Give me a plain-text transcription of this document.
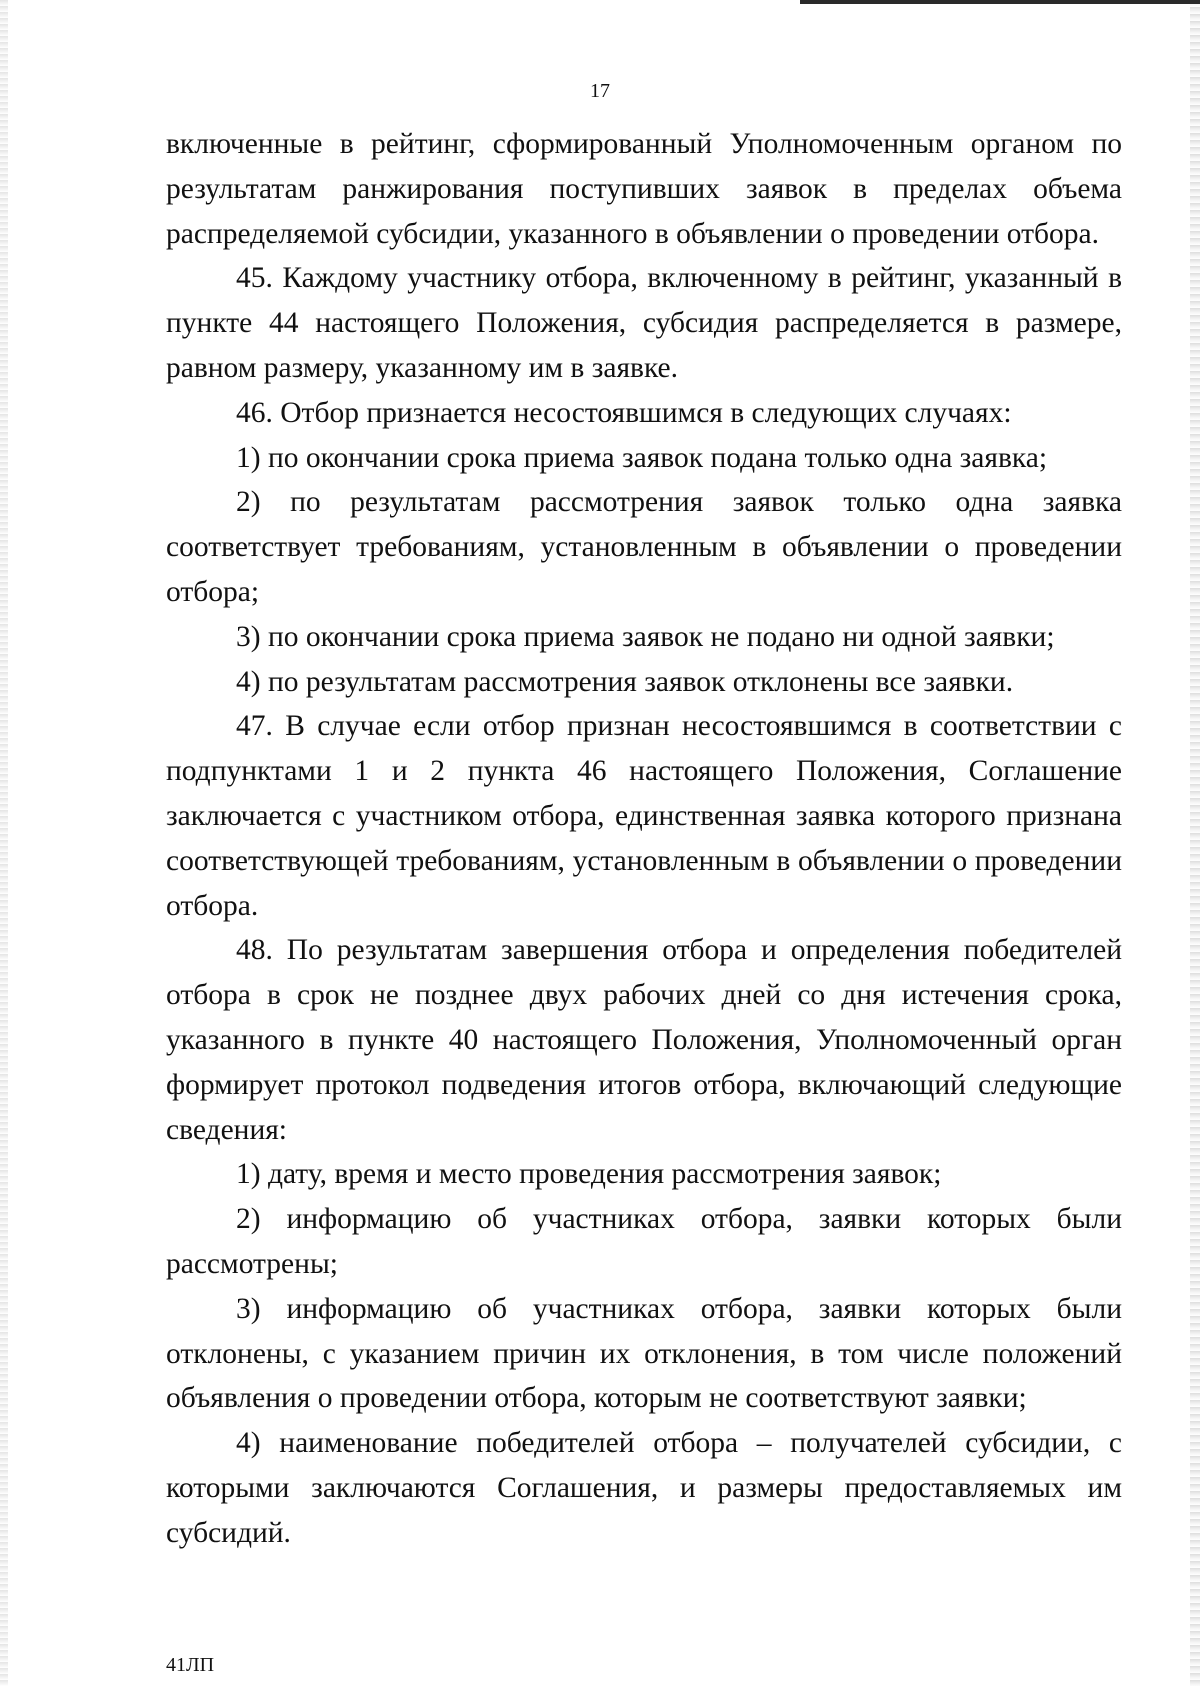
17

включенные в рейтинг, сформированный Уполномоченным органом по результатам ранжирования поступивших заявок в пределах объема распределяемой субсидии, указанного в объявлении о проведении отбора.

45. Каждому участнику отбора, включенному в рейтинг, указанный в пункте 44 настоящего Положения, субсидия распределяется в размере, равном размеру, указанному им в заявке.

46. Отбор признается несостоявшимся в следующих случаях:

1) по окончании срока приема заявок подана только одна заявка;

2) по результатам рассмотрения заявок только одна заявка соответствует требованиям, установленным в объявлении о проведении отбора;

3) по окончании срока приема заявок не подано ни одной заявки;

4) по результатам рассмотрения заявок отклонены все заявки.

47. В случае если отбор признан несостоявшимся в соответствии с подпунктами 1 и 2 пункта 46 настоящего Положения, Соглашение заключается с участником отбора, единственная заявка которого признана соответствующей требованиям, установленным в объявлении о проведении отбора.

48. По результатам завершения отбора и определения победителей отбора в срок не позднее двух рабочих дней со дня истечения срока, указанного в пункте 40 настоящего Положения, Уполномоченный орган формирует протокол подведения итогов отбора, включающий следующие сведения:

1) дату, время и место проведения рассмотрения заявок;

2) информацию об участниках отбора, заявки которых были рассмотрены;

3) информацию об участниках отбора, заявки которых были отклонены, с указанием причин их отклонения, в том числе положений объявления о проведении отбора, которым не соответствуют заявки;

4) наименование победителей отбора – получателей субсидии, с которыми заключаются Соглашения, и размеры предоставляемых им субсидий.

41ЛП
